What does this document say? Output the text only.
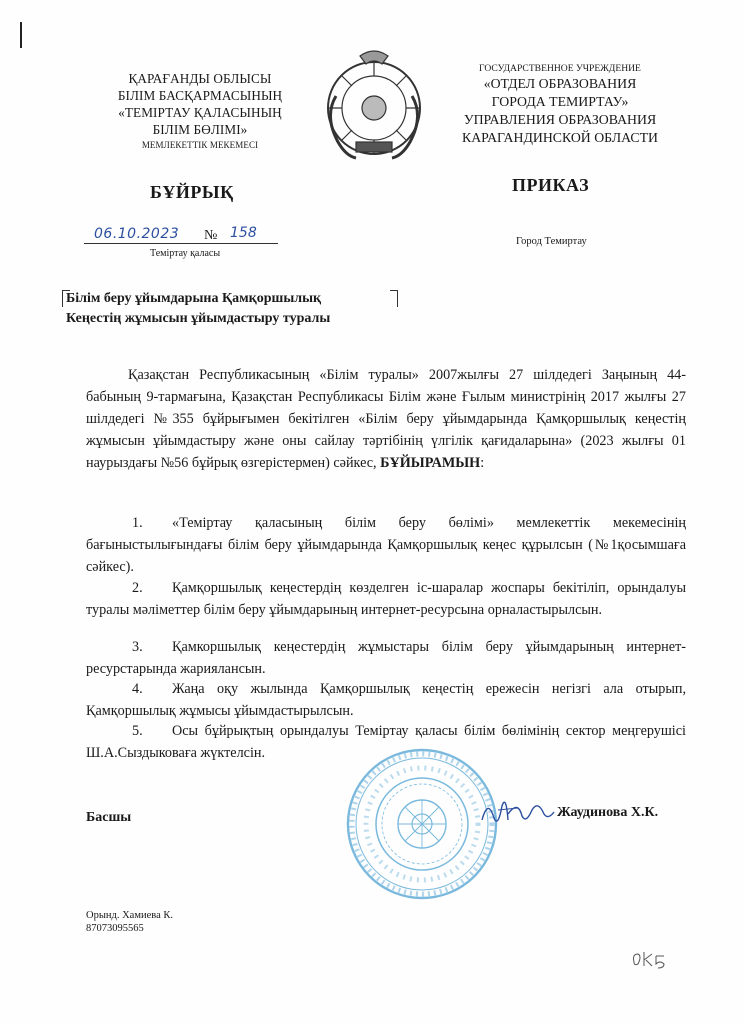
ҚАРАҒАНДЫ ОБЛЫСЫ
БІЛІМ БАСҚАРМАСЫНЫҢ
«ТЕМІРТАУ ҚАЛАСЫНЫҢ
БІЛІМ БӨЛІМІ»
МЕМЛЕКЕТТІК МЕКЕМЕСІ
ГОСУДАРСТВЕННОЕ УЧРЕЖДЕНИЕ
«ОТДЕЛ ОБРАЗОВАНИЯ
ГОРОДА ТЕМИРТАУ»
УПРАВЛЕНИЯ ОБРАЗОВАНИЯ
КАРАГАНДИНСКОЙ ОБЛАСТИ
БҰЙРЫҚ	ПРИКАЗ
06.10.2023 № 158
Теміртау қаласы
Город Темиртау
Білім беру ұйымдарына Қамқоршылық
Кеңестің жұмысын ұйымдастыру туралы
Қазақстан Республикасының «Білім туралы» 2007жылғы 27 шілдедегі Заңының 44-бабының 9-тармағына, Қазақстан Республикасы Білім және Ғылым министрінің 2017 жылғы 27 шілдедегі №355 бұйрығымен бекітілген «Білім беру ұйымдарында Қамқоршылық кеңестің жұмысын ұйымдастыру және оны сайлау тәртібінің үлгілік қағидаларына» (2023 жылғы 01 наурыздағы №56 бұйрық өзгерістермен) сәйкес, БҰЙЫРАМЫН:
1. «Теміртау қаласының білім беру бөлімі» мемлекеттік мекемесінің бағыныстылығындағы білім беру ұйымдарында Қамқоршылық кеңес құрылсын (№1қосымшаға сәйкес).
2. Қамқоршылық кеңестердің көзделген іс-шаралар жоспары бекітіліп, орындалуы туралы мәліметтер білім беру ұйымдарының интернет-ресурсына орналастырылсын.
3. Қамкоршылық кеңестердің жұмыстары білім беру ұйымдарының интернет-ресурстарында жарияланcын.
4. Жаңа оқу жылында Қамқоршылық кеңестің ережесін негізгі ала отырып, Қамқоршылық жұмысы ұйымдастырылсын.
5. Осы бұйрықтың орындалуы Теміртау қаласы білім бөлімінің сектор меңгерушісі Ш.А.Сыздыковаға жүктелсін.
Басшы	Жаудинова Х.К.
Орынд. Хамиева К.
87073095565
